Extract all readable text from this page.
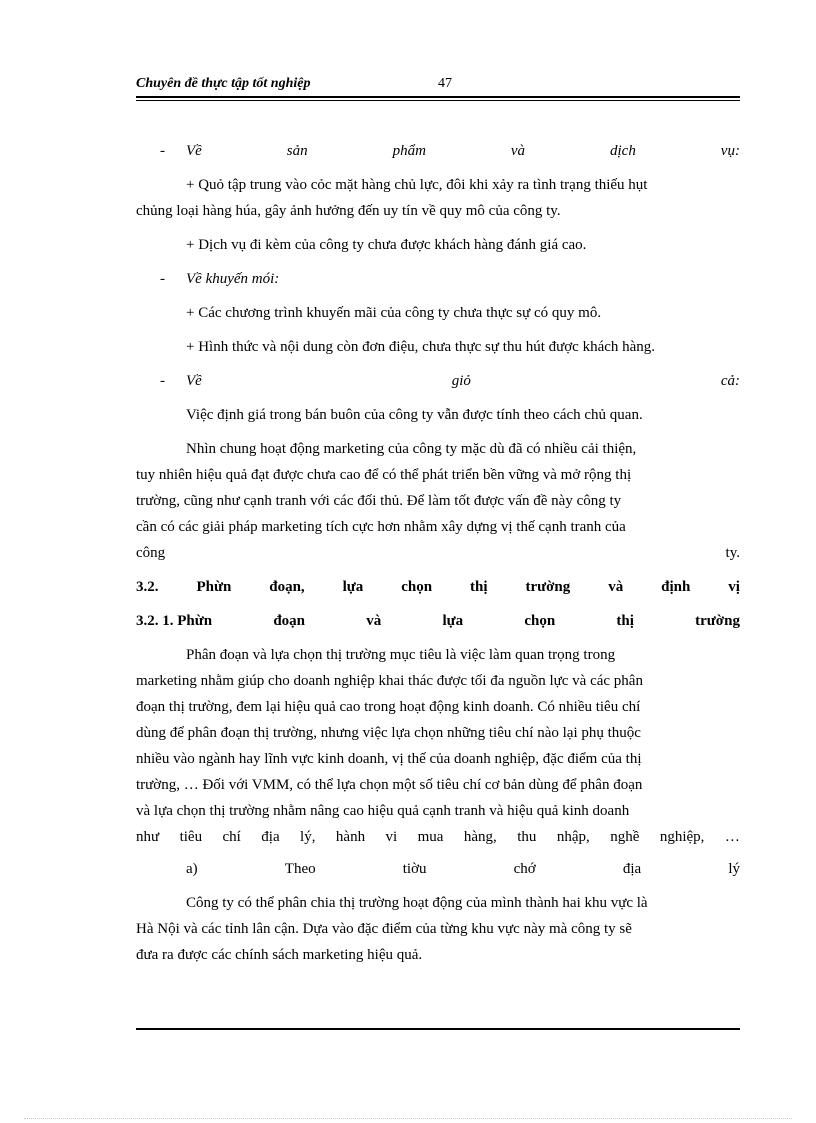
Chuyên đề thực tập tốt nghiệp	47
- Về	sản	phẩm	và	dịch	vụ:
+ Quỏ tập trung vào cỏc mặt hàng chủ lực, đôi khi xảy ra tình trạng thiếu hụt
chủng loại hàng húa, gây ảnh hưởng đến uy tín về quy mô của công ty.
+ Dịch vụ đi kèm của công ty chưa được khách hàng đánh giá cao.
- Về khuyến mói:
+ Các chương trình khuyến mãi của công ty chưa thực sự có quy mô.
+ Hình thức và nội dung còn đơn điệu, chưa thực sự thu hút được khách hàng.
- Về	giỏ	cả:
Việc định giá trong bán buôn của công ty vẫn được tính theo cách chủ quan.
Nhìn chung hoạt động marketing của công ty mặc dù đã có nhiều cải thiện,
tuy nhiên hiệu quả đạt được chưa cao để có thể phát triển bền vững và mở rộng thị
trường, cũng như cạnh tranh với các đối thủ. Để làm tốt được vấn đề này công ty
cần có các giải pháp marketing tích cực hơn nhằm xây dựng vị thế cạnh tranh của
công	ty.
3.2.	Phừn	đoạn,	lựa	chọn	thị	trường	và	định	vị
3.2. 1. Phừn	đoạn	và	lựa	chọn	thị	trường
Phân đoạn và lựa chọn thị trường mục tiêu là việc làm quan trọng trong
marketing nhằm giúp cho doanh nghiệp khai thác được tối đa nguồn lực và các phân
đoạn thị trường, đem lại hiệu quả cao trong hoạt động kinh doanh. Có nhiều tiêu chí
dùng để phân đoạn thị trường, nhưng việc lựa chọn những tiêu chí nào lại phụ thuộc
nhiều vào ngành hay lĩnh vực kinh doanh, vị thế của doanh nghiệp, đặc điểm của thị
trường, … Đối với VMM, có thể lựa chọn một số tiêu chí cơ bản dùng để phân đoạn
và lựa chọn thị trường nhằm nâng cao hiệu quả cạnh tranh và hiệu quả kinh doanh
như tiêu chí địa lý, hành vi mua hàng, thu nhập, nghề nghiệp, …
a)	Theo	tiờu	chớ	địa	lý
Công ty có thể phân chia thị trường hoạt động của mình thành hai khu vực là
Hà Nội và các tỉnh lân cận. Dựa vào đặc điểm của từng khu vực này mà công ty sẽ
đưa ra được các chính sách marketing hiệu quả.
